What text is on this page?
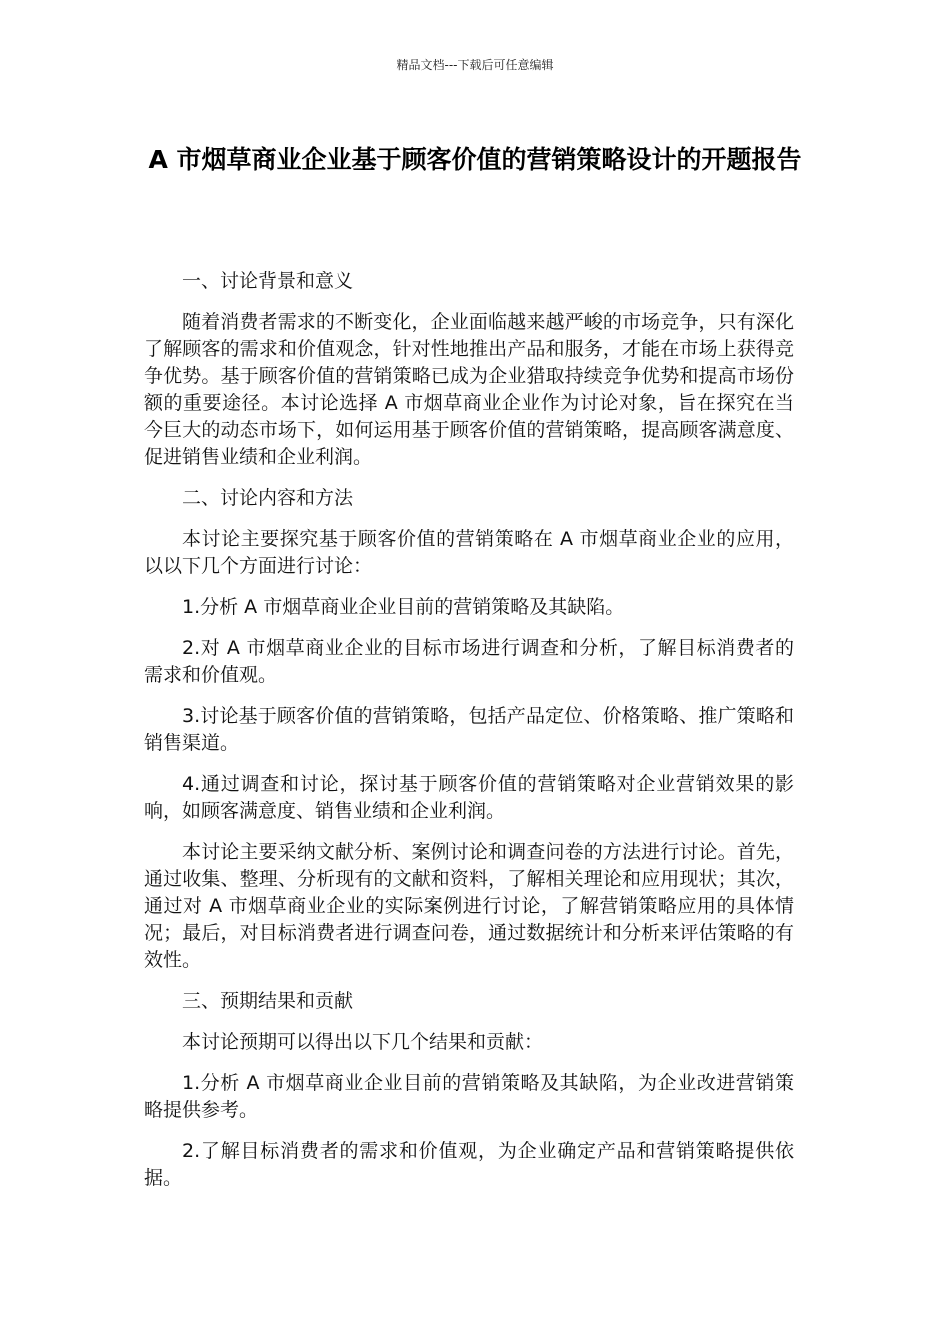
精品文档---下载后可任意编辑
A 市烟草商业企业基于顾客价值的营销策略设计的开题报告

一、讨论背景和意义

随着消费者需求的不断变化，企业面临越来越严峻的市场竞争，只有深化了解顾客的需求和价值观念，针对性地推出产品和服务，才能在市场上获得竞争优势。基于顾客价值的营销策略已成为企业猎取持续竞争优势和提高市场份额的重要途径。本讨论选择 A 市烟草商业企业作为讨论对象，旨在探究在当今巨大的动态市场下，如何运用基于顾客价值的营销策略，提高顾客满意度、促进销售业绩和企业利润。

二、讨论内容和方法

本讨论主要探究基于顾客价值的营销策略在 A 市烟草商业企业的应用，以以下几个方面进行讨论：

1.分析 A 市烟草商业企业目前的营销策略及其缺陷。

2.对 A 市烟草商业企业的目标市场进行调查和分析，了解目标消费者的需求和价值观。

3.讨论基于顾客价值的营销策略，包括产品定位、价格策略、推广策略和销售渠道。

4.通过调查和讨论，探讨基于顾客价值的营销策略对企业营销效果的影响，如顾客满意度、销售业绩和企业利润。

本讨论主要采纳文献分析、案例讨论和调查问卷的方法进行讨论。首先，通过收集、整理、分析现有的文献和资料，了解相关理论和应用现状；其次，通过对 A 市烟草商业企业的实际案例进行讨论，了解营销策略应用的具体情况；最后，对目标消费者进行调查问卷，通过数据统计和分析来评估策略的有效性。

三、预期结果和贡献

本讨论预期可以得出以下几个结果和贡献：

1.分析 A 市烟草商业企业目前的营销策略及其缺陷，为企业改进营销策略提供参考。

2.了解目标消费者的需求和价值观，为企业确定产品和营销策略提供依据。
